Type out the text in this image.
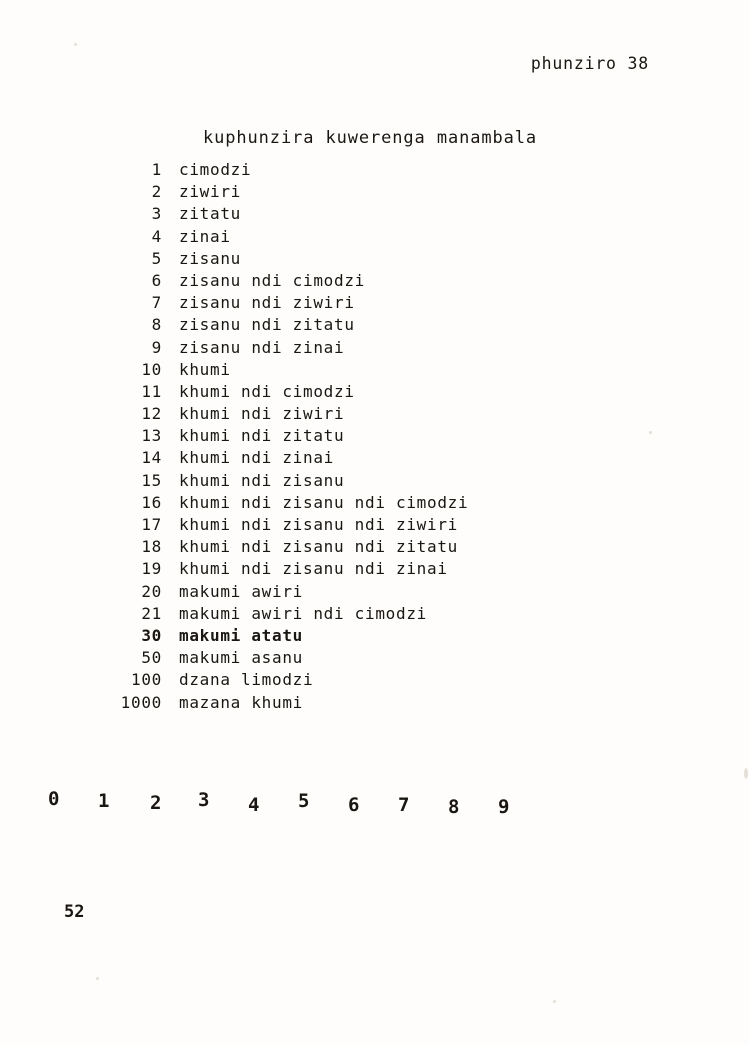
phunziro 38
kuphunzira kuwerenga manambala
1	cimodzi
2	ziwiri
3	zitatu
4	zinai
5	zisanu
6	zisanu ndi cimodzi
7	zisanu ndi ziwiri
8	zisanu ndi zitatu
9	zisanu ndi zinai
10	khumi
11	khumi ndi cimodzi
12	khumi ndi ziwiri
13	khumi ndi zitatu
14	khumi ndi zinai
15	khumi ndi zisanu
16	khumi ndi zisanu ndi cimodzi
17	khumi ndi zisanu ndi ziwiri
18	khumi ndi zisanu ndi zitatu
19	khumi ndi zisanu ndi zinai
20	makumi awiri
21	makumi awiri ndi cimodzi
30	makumi atatu
50	makumi asanu
100	dzana limodzi
1000	mazana khumi
0 1 2 3 4 5 6 7 8 9
52
